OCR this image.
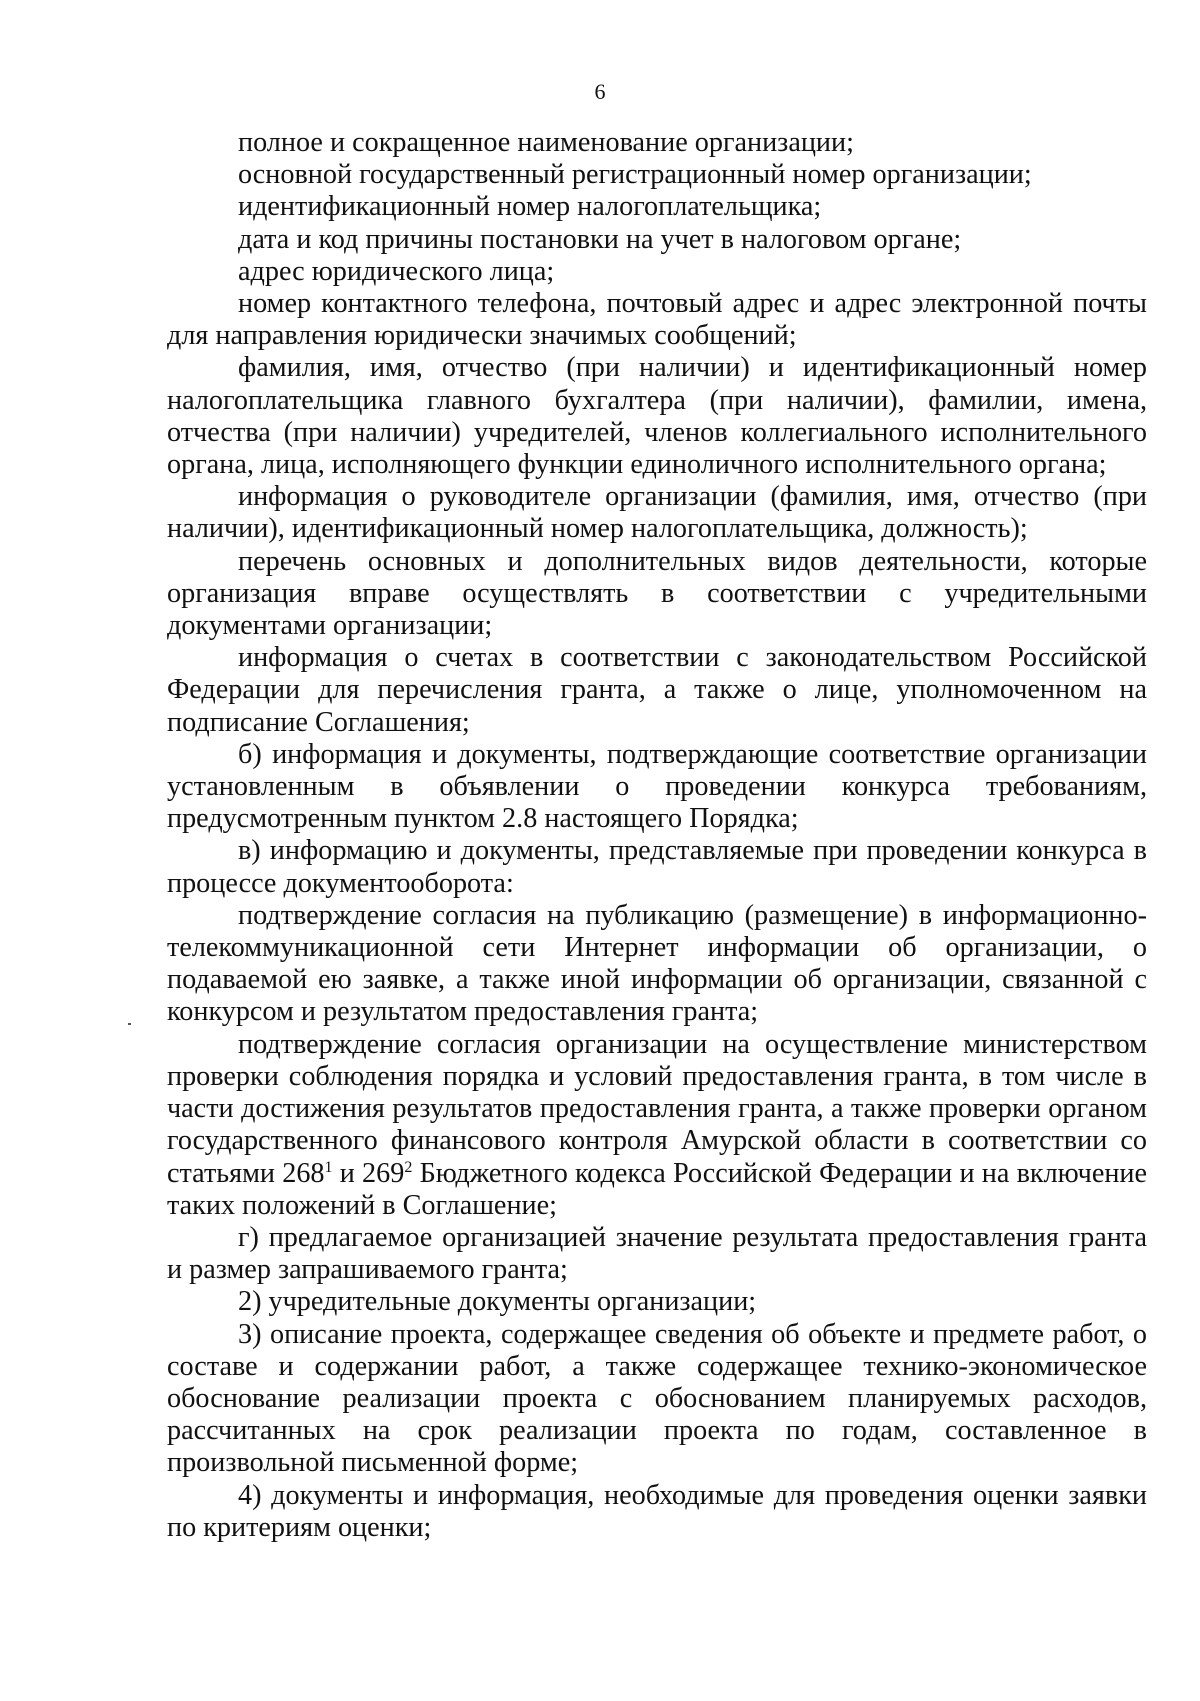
6

полное и сокращенное наименование организации;

основной государственный регистрационный номер организации;

идентификационный номер налогоплательщика;

дата и код причины постановки на учет в налоговом органе;

адрес юридического лица;

номер контактного телефона, почтовый адрес и адрес электронной почты для направления юридически значимых сообщений;

фамилия, имя, отчество (при наличии) и идентификационный номер налогоплательщика главного бухгалтера (при наличии), фамилии, имена, отчества (при наличии) учредителей, членов коллегиального исполнительного органа, лица, исполняющего функции единоличного исполнительного органа;

информация о руководителе организации (фамилия, имя, отчество (при наличии), идентификационный номер налогоплательщика, должность);

перечень основных и дополнительных видов деятельности, которые организация вправе осуществлять в соответствии с учредительными документами организации;

информация о счетах в соответствии с законодательством Российской Федерации для перечисления гранта, а также о лице, уполномоченном на подписание Соглашения;

б) информация и документы, подтверждающие соответствие организации установленным в объявлении о проведении конкурса требованиям, предусмотренным пунктом 2.8 настоящего Порядка;

в) информацию и документы, представляемые при проведении конкурса в процессе документооборота:

подтверждение согласия на публикацию (размещение) в информационно-телекоммуникационной сети Интернет информации об организации, о подаваемой ею заявке, а также иной информации об организации, связанной с конкурсом и результатом предоставления гранта;

подтверждение согласия организации на осуществление министерством проверки соблюдения порядка и условий предоставления гранта, в том числе в части достижения результатов предоставления гранта, а также проверки органом государственного финансового контроля Амурской области в соответствии со статьями $268^1$ и $269^2$ Бюджетного кодекса Российской Федерации и на включение таких положений в Соглашение;

г) предлагаемое организацией значение результата предоставления гранта и размер запрашиваемого гранта;

2) учредительные документы организации;

3) описание проекта, содержащее сведения об объекте и предмете работ, о составе и содержании работ, а также содержащее технико-экономическое обоснование реализации проекта с обоснованием планируемых расходов, рассчитанных на срок реализации проекта по годам, составленное в произвольной письменной форме;

4) документы и информация, необходимые для проведения оценки заявки по критериям оценки;
